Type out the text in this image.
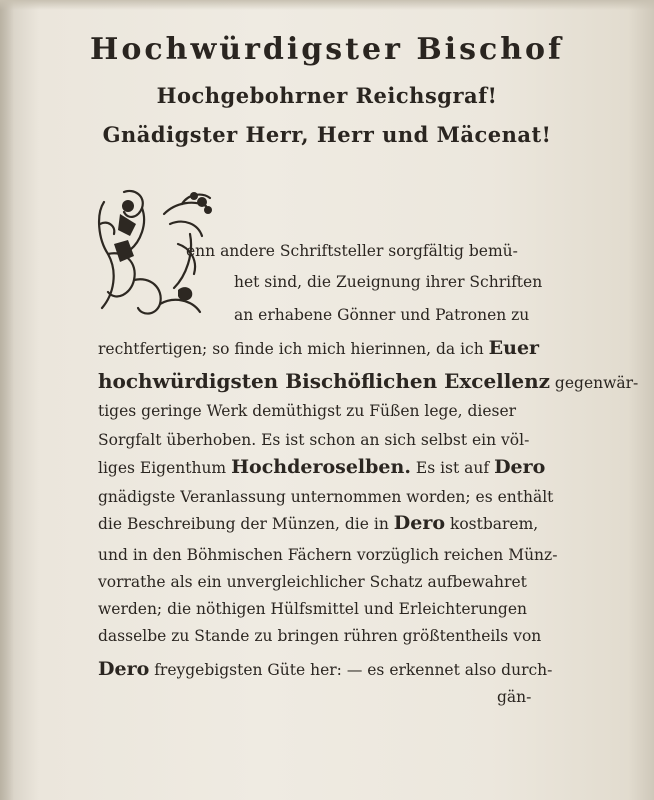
Hochwürdigster Bischof
Hochgebohrner Reichsgraf!
Gnädigster Herr, Herr und Mäcenat!
enn andere Schriftsteller sorgfältig bemü-
het sind, die Zueignung ihrer Schriften
an erhabene Gönner und Patronen zu
rechtfertigen; so finde ich mich hierinnen, da ich Euer
hochwürdigsten Bischöflichen Excellenz gegenwär-
tiges geringe Werk demüthigst zu Füßen lege, dieser
Sorgfalt überhoben. Es ist schon an sich selbst ein völ-
liges Eigenthum Hochderoselben. Es ist auf Dero
gnädigste Veranlassung unternommen worden; es enthält
die Beschreibung der Münzen, die in Dero kostbarem,
und in den Böhmischen Fächern vorzüglich reichen Münz-
vorrathe als ein unvergleichlicher Schatz aufbewahret
werden; die nöthigen Hülfsmittel und Erleichterungen
dasselbe zu Stande zu bringen rühren größtentheils von
Dero freygebigsten Güte her: — es erkennet also durch-
gän-
